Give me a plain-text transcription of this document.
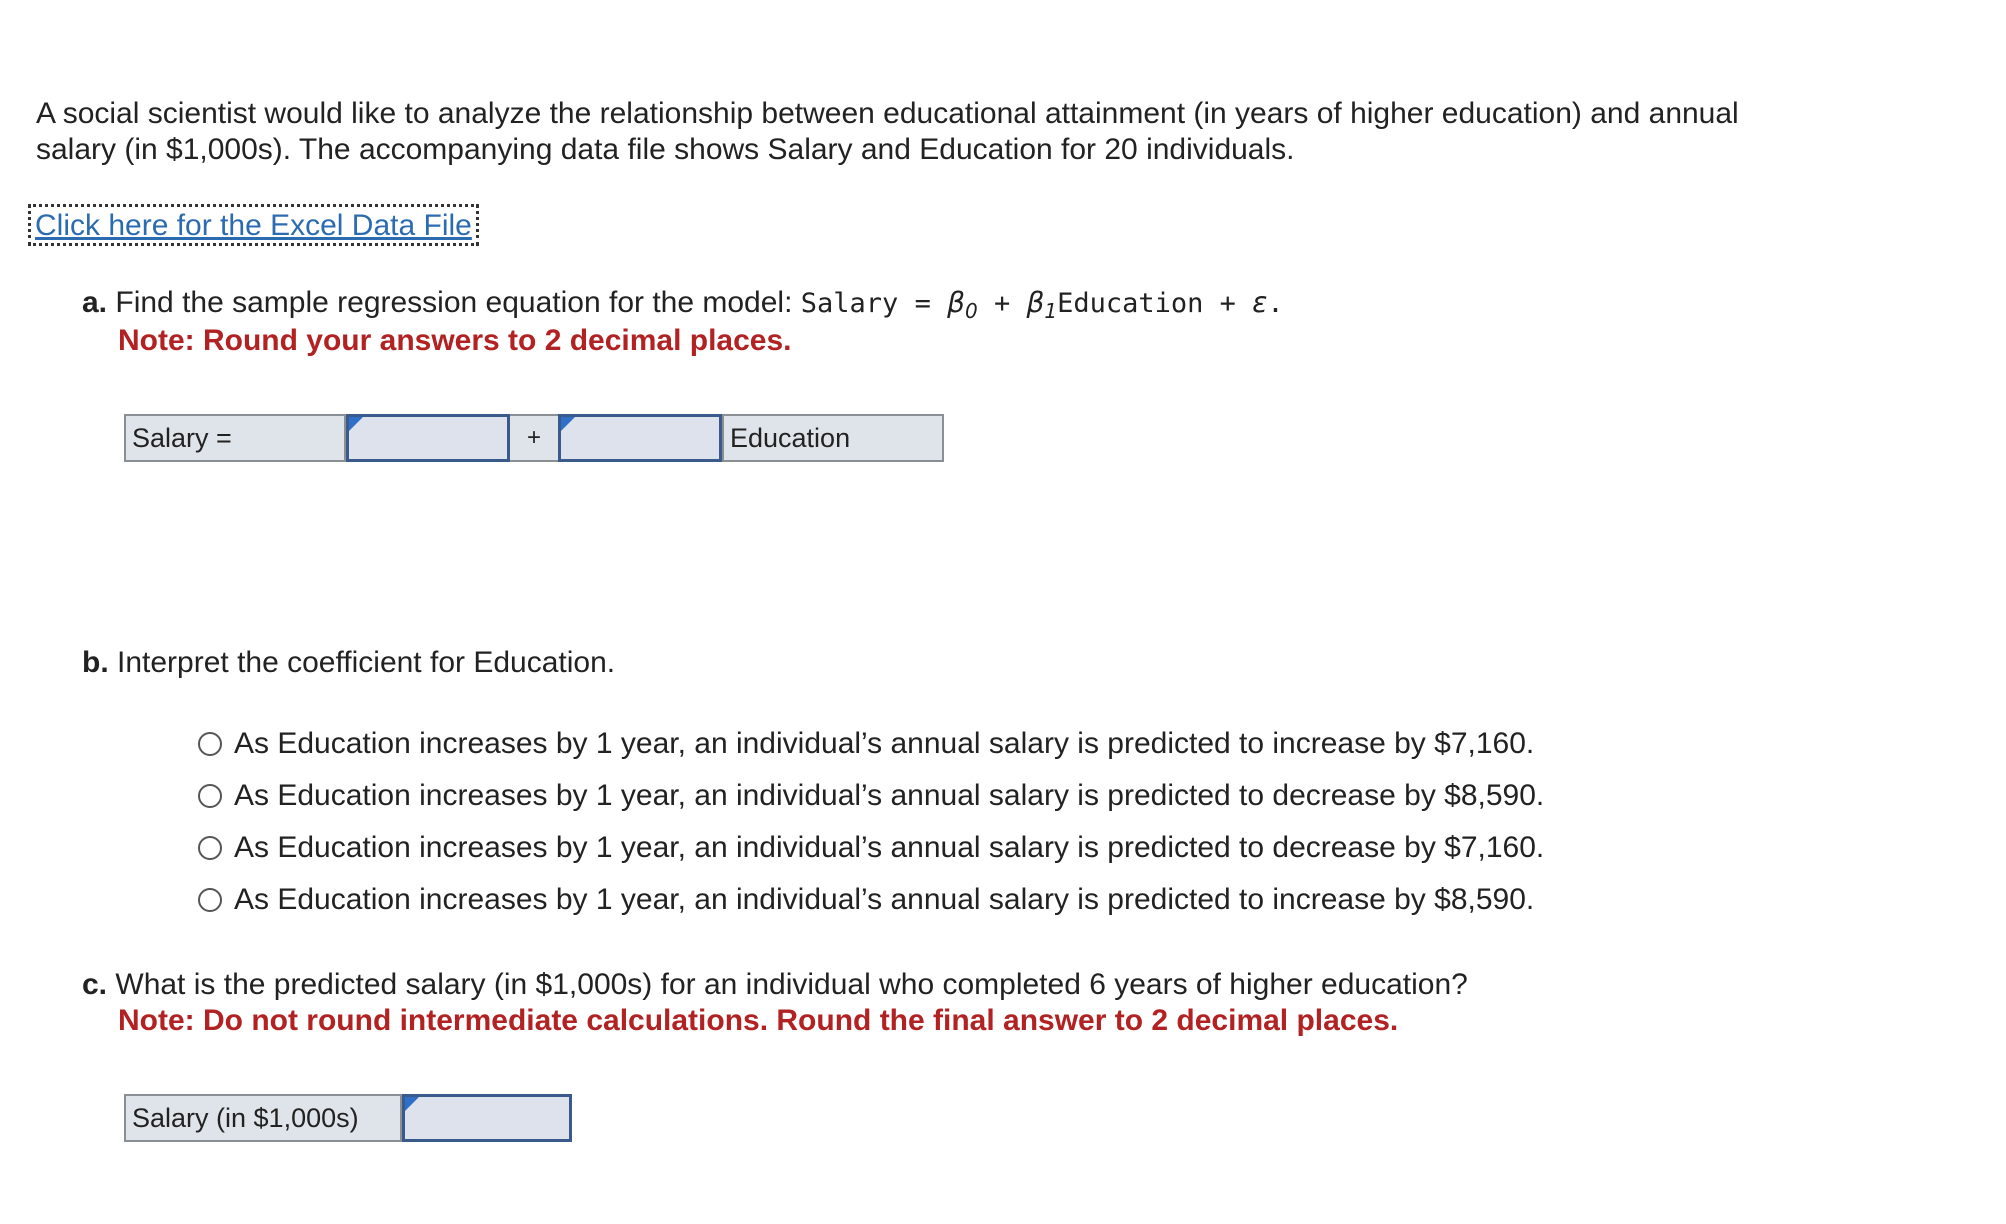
A social scientist would like to analyze the relationship between educational attainment (in years of higher education) and annual
salary (in $1,000s). The accompanying data file shows Salary and Education for 20 individuals.
Click here for the Excel Data File
a. Find the sample regression equation for the model: Salary = $\beta_0$ + $\beta_1Education + \varepsilon$.
Note: Round your answers to 2 decimal places.
Salary =	+	Education
b. Interpret the coefficient for Education.
As Education increases by 1 year, an individual’s annual salary is predicted to increase by $7,160.
As Education increases by 1 year, an individual’s annual salary is predicted to decrease by $8,590.
As Education increases by 1 year, an individual’s annual salary is predicted to decrease by $7,160.
As Education increases by 1 year, an individual’s annual salary is predicted to increase by $8,590.
c. What is the predicted salary (in $1,000s) for an individual who completed 6 years of higher education?
Note: Do not round intermediate calculations. Round the final answer to 2 decimal places.
Salary (in $1,000s)
